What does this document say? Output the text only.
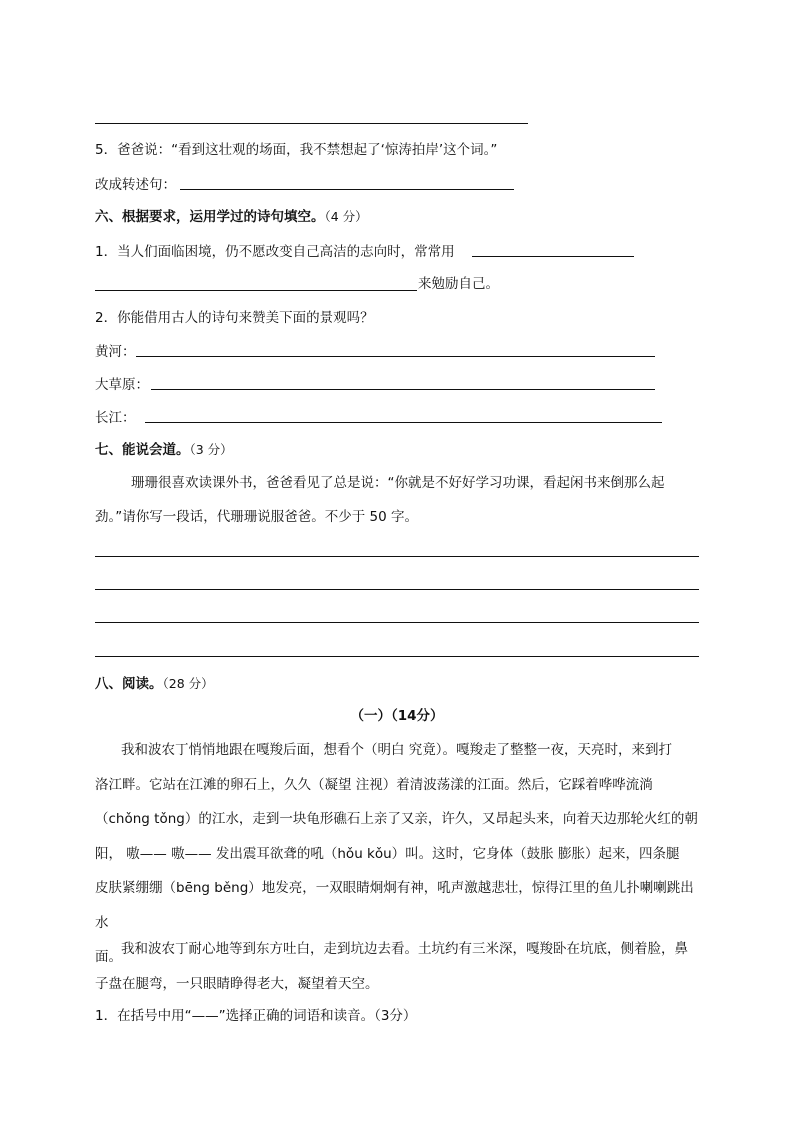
5．爸爸说：“看到这壮观的场面，我不禁想起了‘惊涛拍岸’这个词。”
改成转述句：
六、根据要求，运用学过的诗句填空。（4 分）
1．当人们面临困境，仍不愿改变自己高洁的志向时，常常用
来勉励自己。
2．你能借用古人的诗句来赞美下面的景观吗？
黄河：
大草原：
长江：
七、能说会道。（3 分）
珊珊很喜欢读课外书，爸爸看见了总是说：“你就是不好好学习功课，看起闲书来倒那么起
劲。”请你写一段话，代珊珊说服爸爸。不少于 50 字。
八、阅读。（28 分）
（一）（14分）

我和波农丁悄悄地跟在嘎羧后面，想看个（明白 究竟）。嘎羧走了整整一夜，天亮时，来到打

洛江畔。它站在江滩的卵石上，久久（凝望 注视）着清波荡漾的江面。然后，它踩着哗哗流淌

（chǒng tǒng）的江水，走到一块龟形礁石上亲了又亲，许久，又昂起头来，向着天边那轮火红的朝

阳， 嗷—— 嗷—— 发出震耳欲聋的吼（hǒu kǒu）叫。这时，它身体（鼓胀 膨胀）起来，四条腿

皮肤紧绷绷（bēng běng）地发亮，一双眼睛炯炯有神，吼声激越悲壮，惊得江里的鱼儿扑喇喇跳出水

面。 我和波农丁耐心地等到东方吐白，走到坑边去看。土坑约有三米深，嘎羧卧在坑底，侧着脸，鼻

子盘在腿弯，一只眼睛睁得老大，凝望着天空。

1．在括号中用“——”选择正确的词语和读音。（3分）
